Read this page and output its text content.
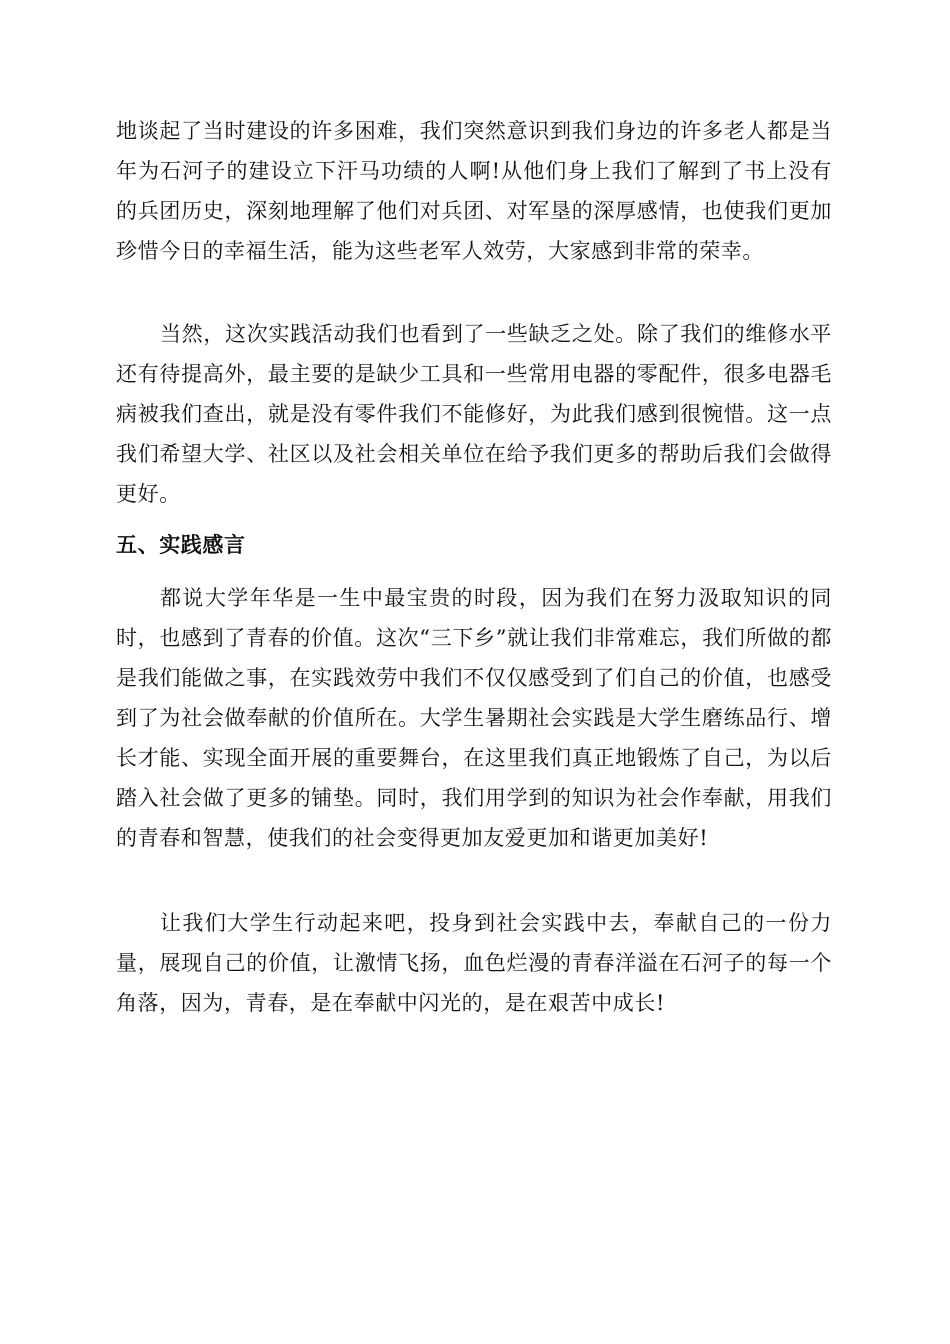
地谈起了当时建设的许多困难，我们突然意识到我们身边的许多老人都是当年为石河子的建设立下汗马功绩的人啊!从他们身上我们了解到了书上没有的兵团历史，深刻地理解了他们对兵团、对军垦的深厚感情，也使我们更加珍惜今日的幸福生活，能为这些老军人效劳，大家感到非常的荣幸。

当然，这次实践活动我们也看到了一些缺乏之处。除了我们的维修水平还有待提高外，最主要的是缺少工具和一些常用电器的零配件，很多电器毛病被我们查出，就是没有零件我们不能修好，为此我们感到很惋惜。这一点我们希望大学、社区以及社会相关单位在给予我们更多的帮助后我们会做得更好。

五、实践感言

都说大学年华是一生中最宝贵的时段，因为我们在努力汲取知识的同时，也感到了青春的价值。这次“三下乡”就让我们非常难忘，我们所做的都是我们能做之事，在实践效劳中我们不仅仅感受到了们自己的价值，也感受到了为社会做奉献的价值所在。大学生暑期社会实践是大学生磨练品行、增长才能、实现全面开展的重要舞台，在这里我们真正地锻炼了自己，为以后踏入社会做了更多的铺垫。同时，我们用学到的知识为社会作奉献，用我们的青春和智慧，使我们的社会变得更加友爱更加和谐更加美好!

让我们大学生行动起来吧，投身到社会实践中去，奉献自己的一份力量，展现自己的价值，让激情飞扬，血色烂漫的青春洋溢在石河子的每一个角落，因为，青春，是在奉献中闪光的，是在艰苦中成长!
